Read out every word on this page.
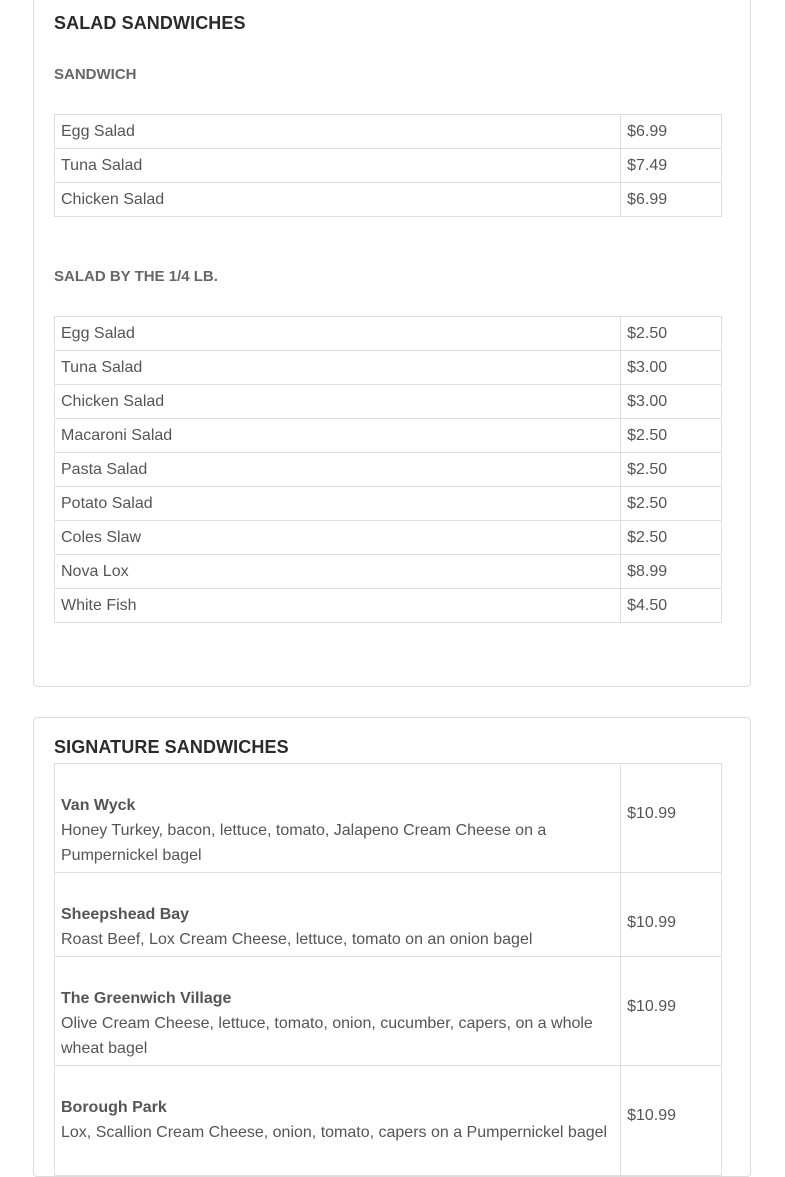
SALAD SANDWICHES
SANDWICH
Egg Salad	$6.99
Tuna Salad	$7.49
Chicken Salad	$6.99
SALAD BY THE 1/4 LB.
Egg Salad	$2.50
Tuna Salad	$3.00
Chicken Salad	$3.00
Macaroni Salad	$2.50
Pasta Salad	$2.50
Potato Salad	$2.50
Coles Slaw	$2.50
Nova Lox	$8.99
White Fish	$4.50
SIGNATURE SANDWICHES
Van Wyck
Honey Turkey, bacon, lettuce, tomato, Jalapeno Cream Cheese on a Pumpernickel bagel	$10.99

Sheepshead Bay
Roast Beef, Lox Cream Cheese, lettuce, tomato on an onion bagel	$10.99

The Greenwich Village
Olive Cream Cheese, lettuce, tomato, onion, cucumber, capers, on a whole wheat bagel	$10.99

Borough Park
Lox, Scallion Cream Cheese, onion, tomato, capers on a Pumpernickel bagel	$10.99
